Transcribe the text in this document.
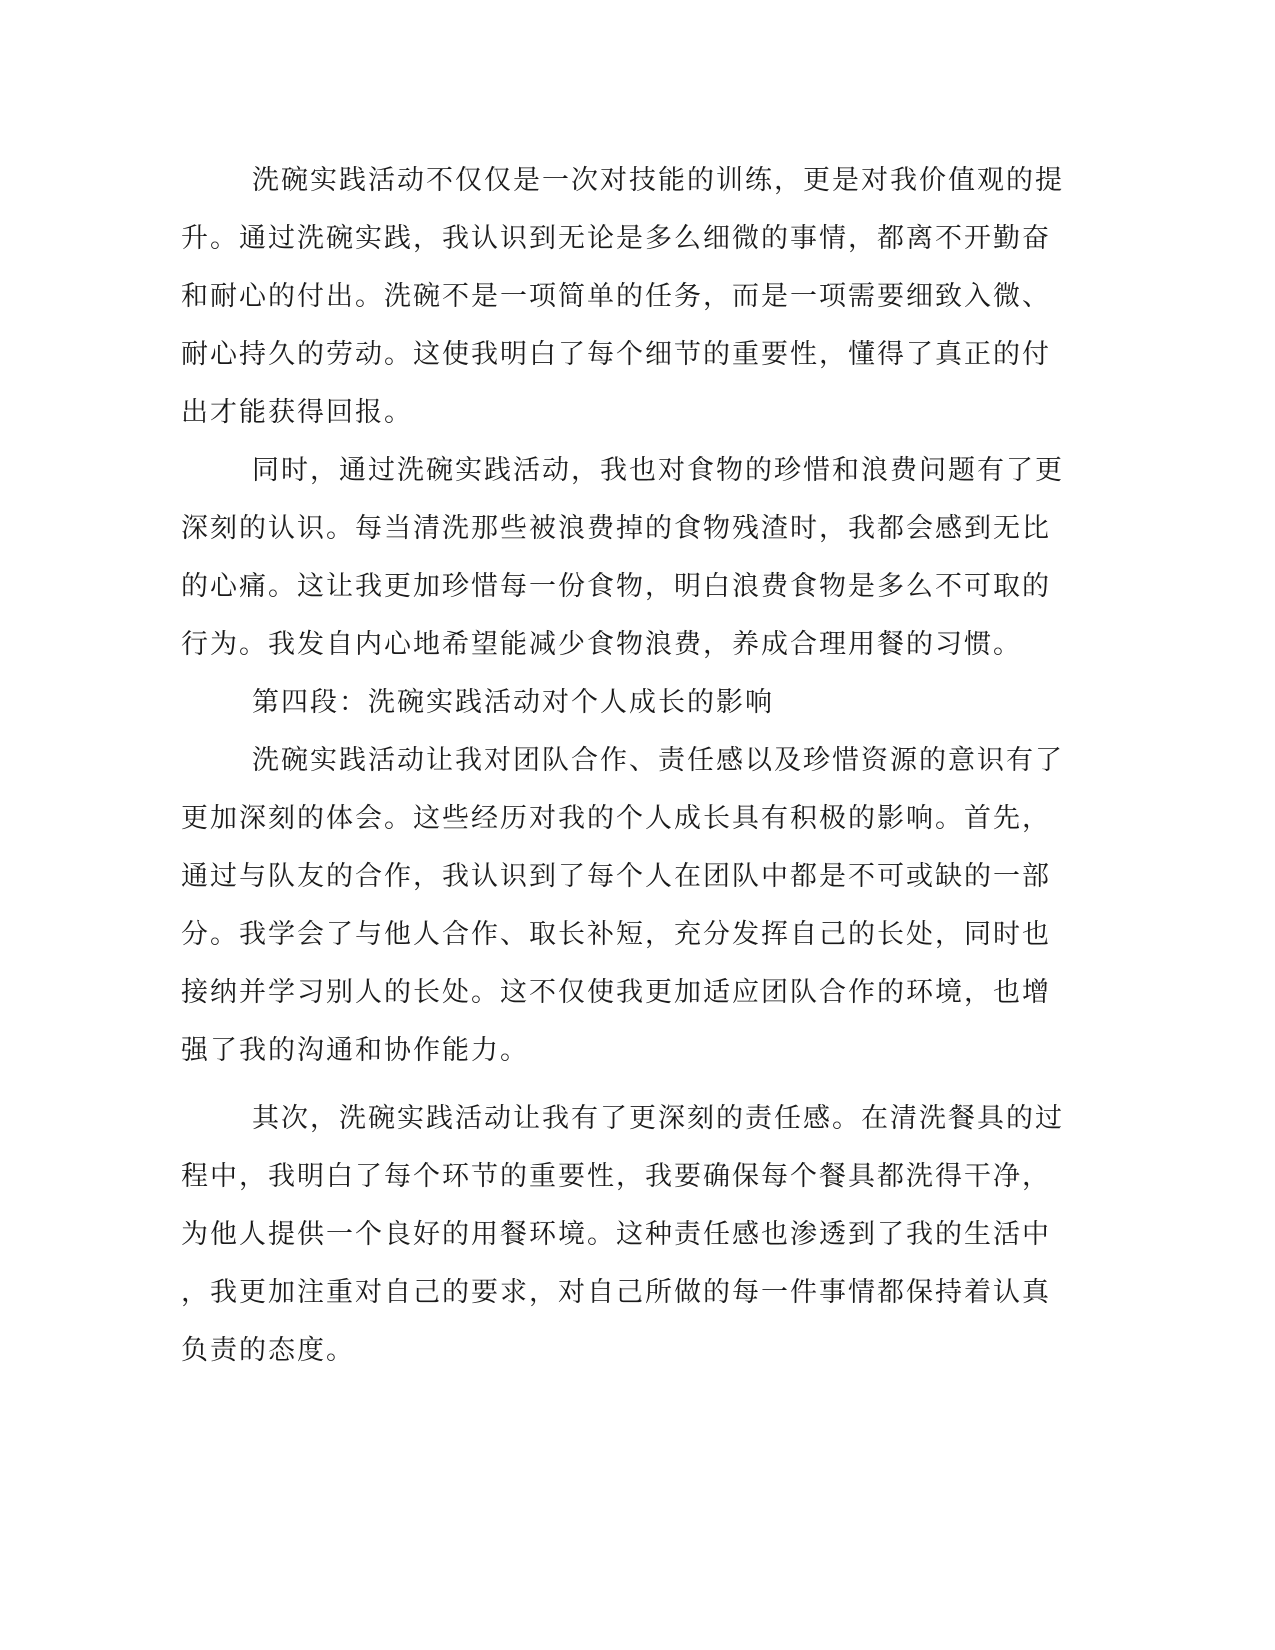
洗碗实践活动不仅仅是一次对技能的训练，更是对我价值观的提

升。通过洗碗实践，我认识到无论是多么细微的事情，都离不开勤奋

和耐心的付出。洗碗不是一项简单的任务，而是一项需要细致入微、

耐心持久的劳动。这使我明白了每个细节的重要性，懂得了真正的付

出才能获得回报。

同时，通过洗碗实践活动，我也对食物的珍惜和浪费问题有了更

深刻的认识。每当清洗那些被浪费掉的食物残渣时，我都会感到无比

的心痛。这让我更加珍惜每一份食物，明白浪费食物是多么不可取的

行为。我发自内心地希望能减少食物浪费，养成合理用餐的习惯。

第四段：洗碗实践活动对个人成长的影响

洗碗实践活动让我对团队合作、责任感以及珍惜资源的意识有了

更加深刻的体会。这些经历对我的个人成长具有积极的影响。首先，

通过与队友的合作，我认识到了每个人在团队中都是不可或缺的一部

分。我学会了与他人合作、取长补短，充分发挥自己的长处，同时也

接纳并学习别人的长处。这不仅使我更加适应团队合作的环境，也增

强了我的沟通和协作能力。

其次，洗碗实践活动让我有了更深刻的责任感。在清洗餐具的过

程中，我明白了每个环节的重要性，我要确保每个餐具都洗得干净，

为他人提供一个良好的用餐环境。这种责任感也渗透到了我的生活中

，我更加注重对自己的要求，对自己所做的每一件事情都保持着认真

负责的态度。
